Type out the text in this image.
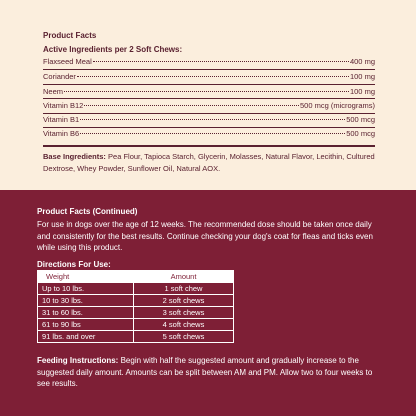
Product Facts
Active Ingredients per 2 Soft Chews:
Flaxseed Meal	400 mg
Coriander	100 mg
Neem	100 mg
Vitamin B12	500 mcg (micrograms)
Vitamin B1	500 mcg
Vitamin B6	500 mcg
Base Ingredients: Pea Flour, Tapioca Starch, Glycerin, Molasses, Natural Flavor, Lecithin, Cultured Dextrose, Whey Powder, Sunflower Oil, Natural AOX.
Product Facts (Continued)
For use in dogs over the age of 12 weeks. The recommended dose should be taken once daily and consistently for the best results. Continue checking your dog's coat for fleas and ticks even while using this product.
Directions For Use:
Weight	Amount
Up to 10 lbs.	1 soft chew
10 to 30 lbs.	2 soft chews
31 to 60 lbs.	3 soft chews
61 to 90 lbs	4 soft chews
91 lbs. and over	5 soft chews
Feeding Instructions: Begin with half the suggested amount and gradually increase to the suggested daily amount. Amounts can be split between AM and PM. Allow two to four weeks to see results.
